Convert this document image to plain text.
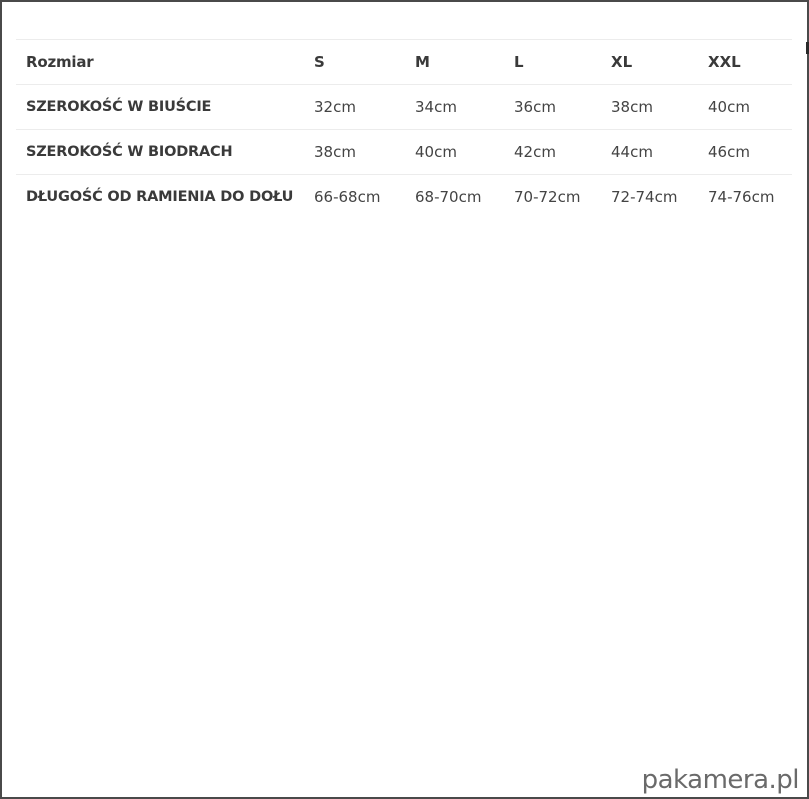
Rozmiar	S	M	L	XL	XXL
SZEROKOŚĆ W BIUŚCIE	32cm	34cm	36cm	38cm	40cm
SZEROKOŚĆ W BIODRACH	38cm	40cm	42cm	44cm	46cm
DŁUGOŚĆ OD RAMIENIA DO DOŁU	66-68cm	68-70cm	70-72cm	72-74cm	74-76cm
pakamera.pl
